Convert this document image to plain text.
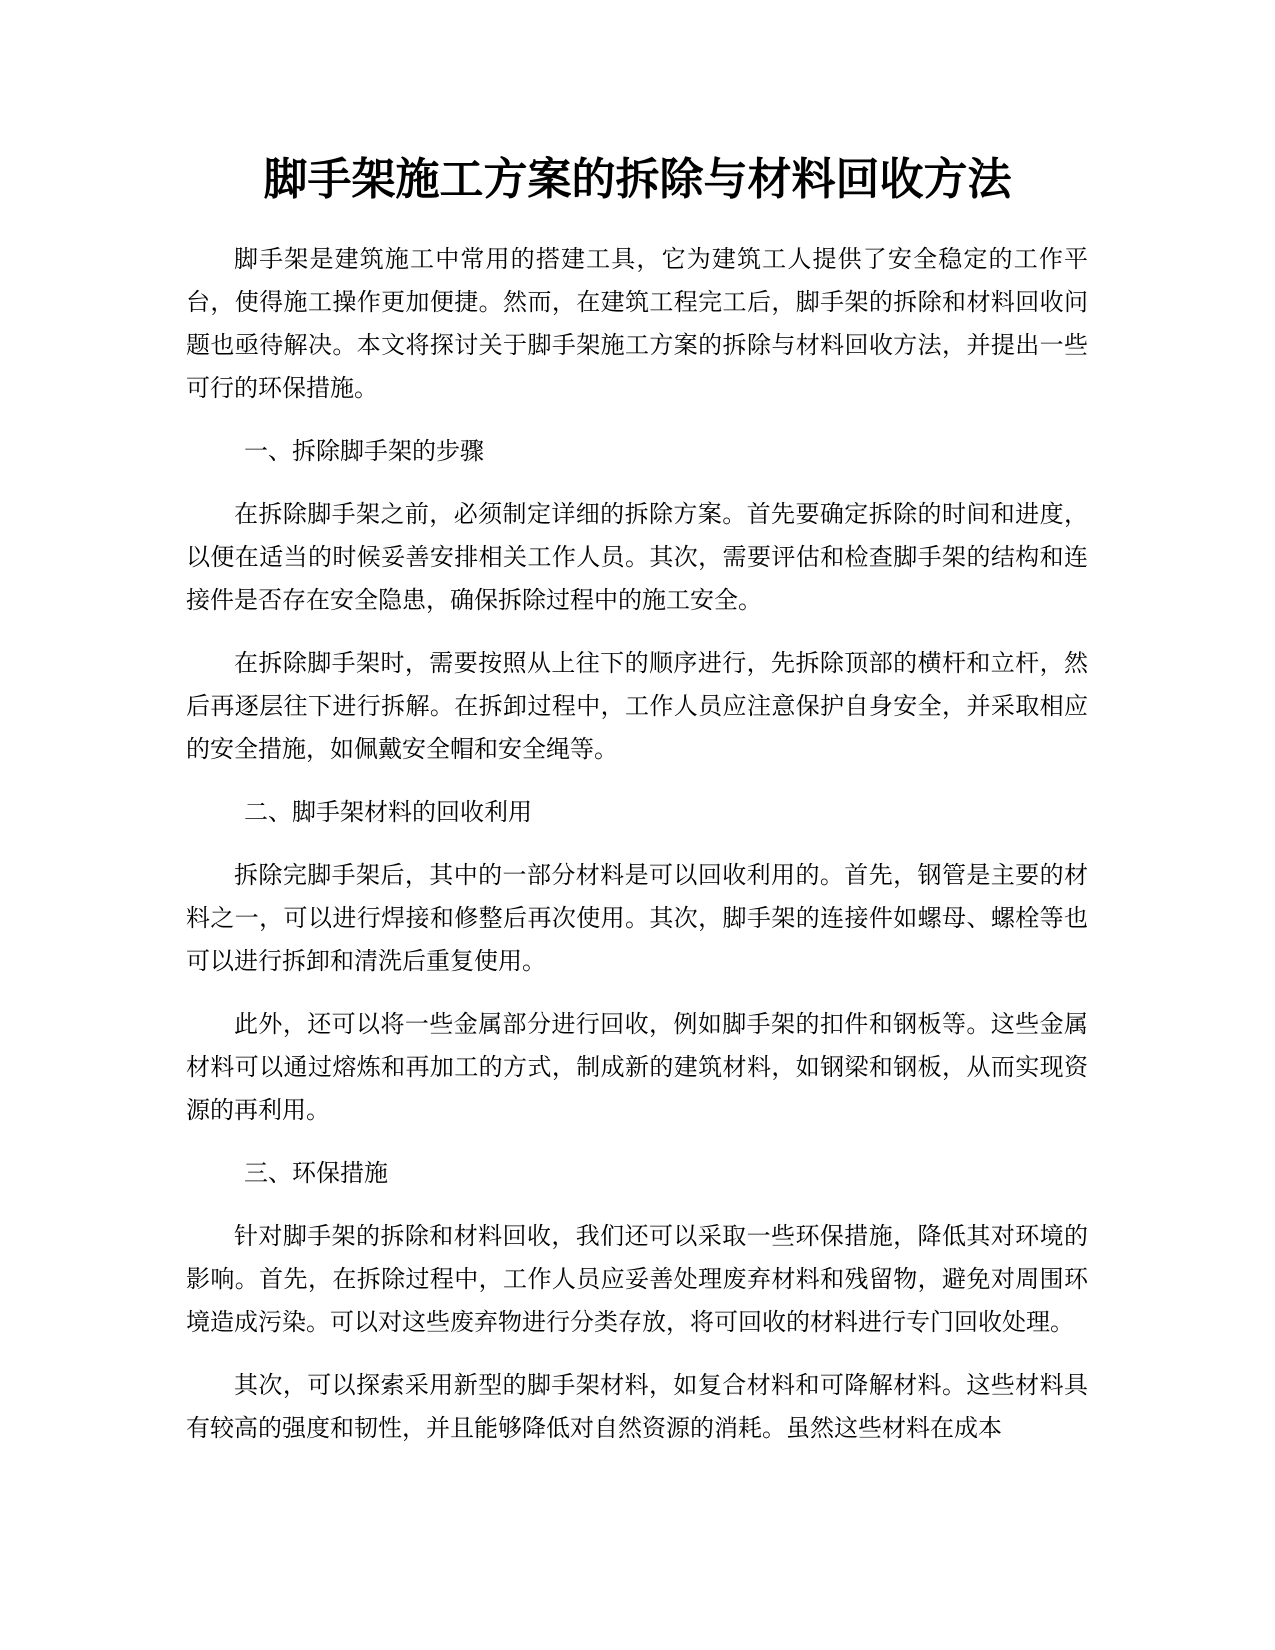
脚手架施工方案的拆除与材料回收方法

脚手架是建筑施工中常用的搭建工具，它为建筑工人提供了安全稳定的工作平台，使得施工操作更加便捷。然而，在建筑工程完工后，脚手架的拆除和材料回收问题也亟待解决。本文将探讨关于脚手架施工方案的拆除与材料回收方法，并提出一些可行的环保措施。

一、拆除脚手架的步骤

在拆除脚手架之前，必须制定详细的拆除方案。首先要确定拆除的时间和进度，以便在适当的时候妥善安排相关工作人员。其次，需要评估和检查脚手架的结构和连接件是否存在安全隐患，确保拆除过程中的施工安全。

在拆除脚手架时，需要按照从上往下的顺序进行，先拆除顶部的横杆和立杆，然后再逐层往下进行拆解。在拆卸过程中，工作人员应注意保护自身安全，并采取相应的安全措施，如佩戴安全帽和安全绳等。

二、脚手架材料的回收利用

拆除完脚手架后，其中的一部分材料是可以回收利用的。首先，钢管是主要的材料之一，可以进行焊接和修整后再次使用。其次，脚手架的连接件如螺母、螺栓等也可以进行拆卸和清洗后重复使用。

此外，还可以将一些金属部分进行回收，例如脚手架的扣件和钢板等。这些金属材料可以通过熔炼和再加工的方式，制成新的建筑材料，如钢梁和钢板，从而实现资源的再利用。

三、环保措施

针对脚手架的拆除和材料回收，我们还可以采取一些环保措施，降低其对环境的影响。首先，在拆除过程中，工作人员应妥善处理废弃材料和残留物，避免对周围环境造成污染。可以对这些废弃物进行分类存放，将可回收的材料进行专门回收处理。

其次，可以探索采用新型的脚手架材料，如复合材料和可降解材料。这些材料具有较高的强度和韧性，并且能够降低对自然资源的消耗。虽然这些材料在成本
